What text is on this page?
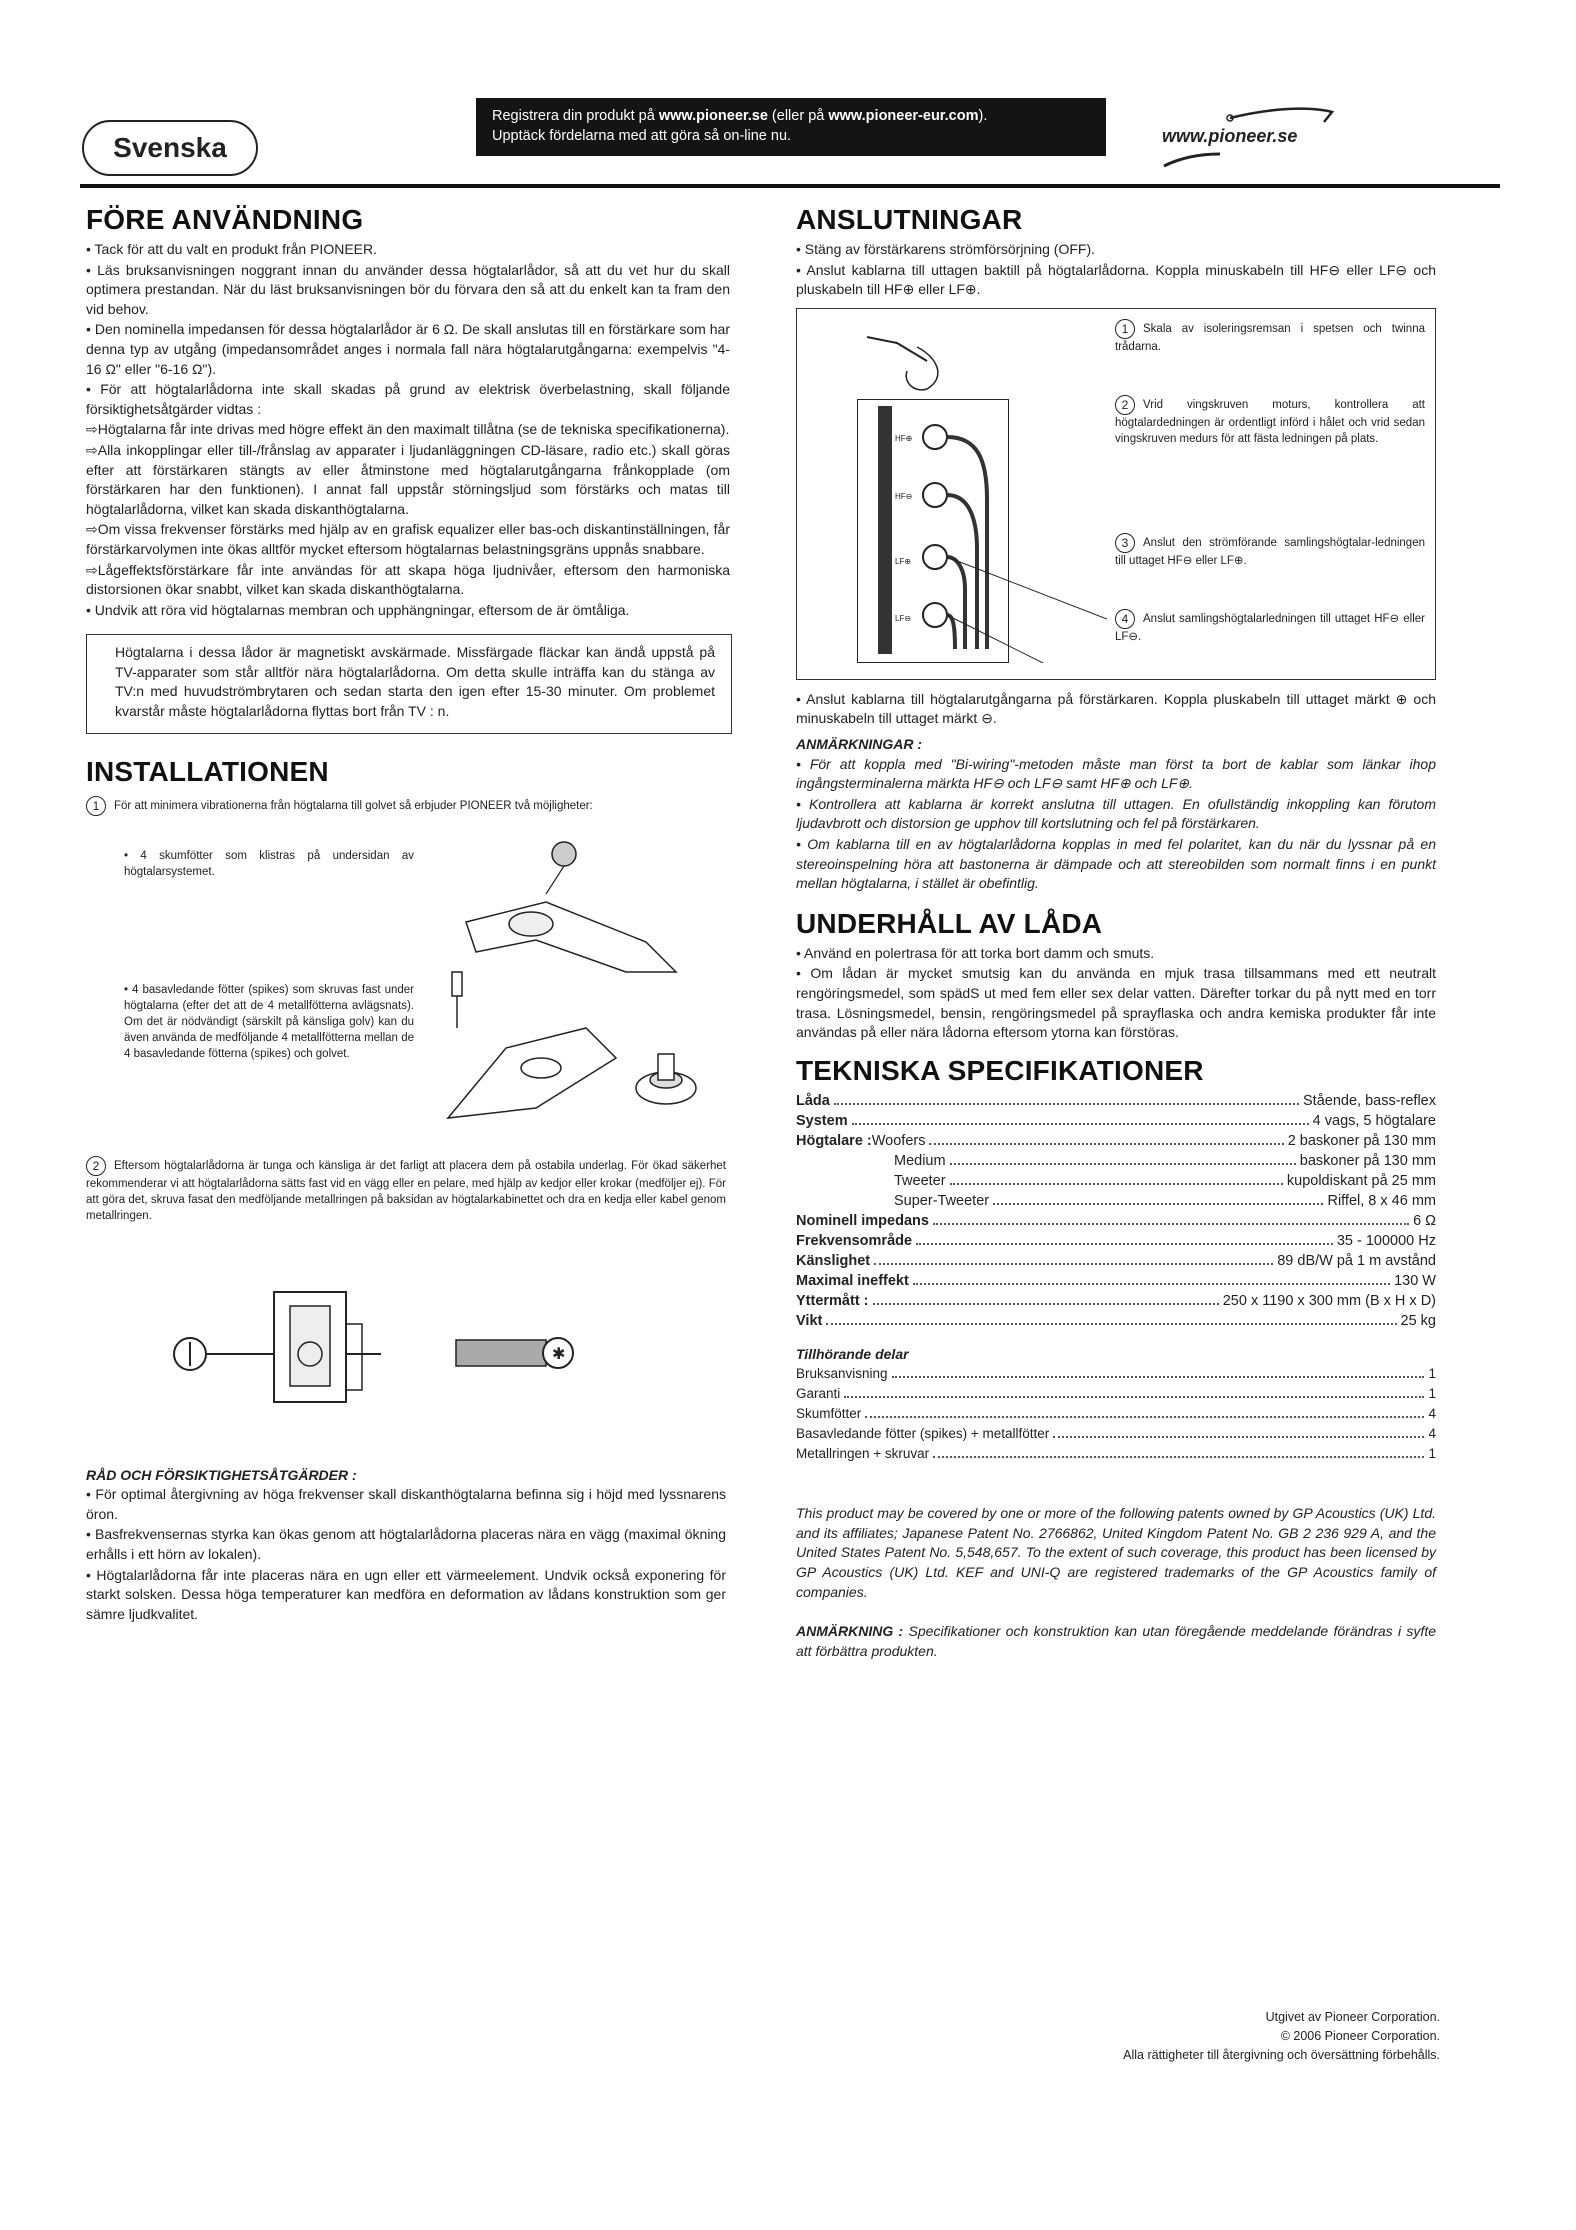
Svenska
Registrera din produkt på www.pioneer.se (eller på www.pioneer-eur.com).
Upptäck fördelarna med att göra så on-line nu.	www.pioneer.se
FÖRE ANVÄNDNING

• Tack för att du valt en produkt från PIONEER.

• Läs bruksanvisningen noggrant innan du använder dessa högtalarlådor, så att du vet hur du skall optimera prestandan. När du läst bruksanvisningen bör du förvara den så att du enkelt kan ta fram den vid behov.

• Den nominella impedansen för dessa högtalarlådor är 6 Ω. De skall anslutas till en förstärkare som har denna typ av utgång (impedansområdet anges i normala fall nära högtalarutgångarna: exempelvis "4-16 Ω" eller "6-16 Ω").

• För att högtalarlådorna inte skall skadas på grund av elektrisk överbelastning, skall följande försiktighetsåtgärder vidtas :

⇨Högtalarna får inte drivas med högre effekt än den maximalt tillåtna (se de tekniska specifikationerna).

⇨Alla inkopplingar eller till-/frånslag av apparater i ljudanläggningen CD-läsare, radio etc.) skall göras efter att förstärkaren stängts av eller åtminstone med högtalarutgångarna frånkopplade (om förstärkaren har den funktionen). I annat fall uppstår störningsljud som förstärks och matas till högtalarlådorna, vilket kan skada diskanthögtalarna.

⇨Om vissa frekvenser förstärks med hjälp av en grafisk equalizer eller bas-och diskantinställningen, får förstärkarvolymen inte ökas alltför mycket eftersom högtalarnas belastningsgräns uppnås snabbare.

⇨Lågeffektsförstärkare får inte användas för att skapa höga ljudnivåer, eftersom den harmoniska distorsionen ökar snabbt, vilket kan skada diskanthögtalarna.

• Undvik att röra vid högtalarnas membran och upphängningar, eftersom de är ömtåliga.

Högtalarna i dessa lådor är magnetiskt avskärmade. Missfärgade fläckar kan ändå uppstå på TV-apparater som står alltför nära högtalarlådorna. Om detta skulle inträffa kan du stänga av TV:n med huvudströmbrytaren och sedan starta den igen efter 15-30 minuter. Om problemet kvarstår måste högtalarlådorna flyttas bort från TV : n.

INSTALLATIONEN
1 För att minimera vibrationerna från högtalarna till golvet så erbjuder PIONEER två möjligheter:
• 4 skumfötter som klistras på undersidan av högtalarsystemet.
• 4 basavledande fötter (spikes) som skruvas fast under högtalarna (efter det att de 4 metallfötterna avlägsnats). Om det är nödvändigt (särskilt på känsliga golv) kan du även använda de medföljande 4 metallfötterna mellan de 4 basavledande fötterna (spikes) och golvet.
2 Eftersom högtalarlådorna är tunga och känsliga är det farligt att placera dem på ostabila underlag. För ökad säkerhet rekommenderar vi att högtalarlådorna sätts fast vid en vägg eller en pelare, med hjälp av kedjor eller krokar (medföljer ej). För att göra det, skruva fasat den medföljande metallringen på baksidan av högtalarkabinettet och dra en kedja eller kabel genom metallringen.
✱
RÅD OCH FÖRSIKTIGHETSÅTGÄRDER :

• För optimal återgivning av höga frekvenser skall diskanthögtalarna befinna sig i höjd med lyssnarens öron.

• Basfrekvensernas styrka kan ökas genom att högtalarlådorna placeras nära en vägg (maximal ökning erhålls i ett hörn av lokalen).

• Högtalarlådorna får inte placeras nära en ugn eller ett värmeelement. Undvik också exponering för starkt solsken. Dessa höga temperaturer kan medföra en deformation av lådans konstruktion som ger sämre ljudkvalitet.

ANSLUTNINGAR

• Stäng av förstärkarens strömförsörjning (OFF).

• Anslut kablarna till uttagen baktill på högtalarlådorna. Koppla minuskabeln till HF⊖ eller LF⊖ och pluskabeln till HF⊕ eller LF⊕.

HF⊕
HF⊖
LF⊕
LF⊖
1 Skala av isoleringsremsan i spetsen och twinna trådarna.
2 Vrid vingskruven moturs, kontrollera att högtalardedningen är ordentligt införd i hålet och vrid sedan vingskruven medurs för att fästa ledningen på plats.
3 Anslut den strömförande samlingshögtalar-ledningen till uttaget HF⊖ eller LF⊕.
4 Anslut samlingshögtalarledningen till uttaget HF⊖ eller LF⊖.

• Anslut kablarna till högtalarutgångarna på förstärkaren. Koppla pluskabeln till uttaget märkt ⊕ och minuskabeln till uttaget märkt ⊖.

ANMÄRKNINGAR :

• För att koppla med "Bi-wiring"-metoden måste man först ta bort de kablar som länkar ihop ingångsterminalerna märkta HF⊖ och LF⊖ samt HF⊕ och LF⊕.

• Kontrollera att kablarna är korrekt anslutna till uttagen. En ofullständig inkoppling kan förutom ljudavbrott och distorsion ge upphov till kortslutning och fel på förstärkaren.

• Om kablarna till en av högtalarlådorna kopplas in med fel polaritet, kan du när du lyssnar på en stereoinspelning höra att bastonerna är dämpade och att stereobilden som normalt finns i en punkt mellan högtalarna, i stället är obefintlig.

UNDERHÅLL AV LÅDA

• Använd en polertrasa för att torka bort damm och smuts.

• Om lådan är mycket smutsig kan du använda en mjuk trasa tillsammans med ett neutralt rengöringsmedel, som spädS ut med fem eller sex delar vatten. Därefter torkar du på nytt med en torr trasa. Lösningsmedel, bensin, rengöringsmedel på sprayflaska och andra kemiska produkter får inte användas på eller nära lådorna eftersom ytorna kan förstöras.

TEKNISKA SPECIFIKATIONER
Låda	Stående, bass-reflex
System	4 vags, 5 högtalare
Högtalare : Woofers	2 baskoner på 130 mm
Medium	baskoner på 130 mm
Tweeter	kupoldiskant på 25 mm
Super-Tweeter	Riffel, 8 x 46 mm
Nominell impedans	6 Ω
Frekvensområde	35 - 100000 Hz
Känslighet	89 dB/W på 1 m avstånd
Maximal ineffekt	130 W
Yttermått :	250 x 1190 x 300 mm (B x H x D)
Vikt	25 kg
Tillhörande delar
Bruksanvisning	1
Garanti	1
Skumfötter	4
Basavledande fötter (spikes) + metallfötter	4
Metallringen + skruvar	1

This product may be covered by one or more of the following patents owned by GP Acoustics (UK) Ltd. and its affiliates; Japanese Patent No. 2766862, United Kingdom Patent No. GB 2 236 929 A, and the United States Patent No. 5,548,657. To the extent of such coverage, this product has been licensed by GP Acoustics (UK) Ltd. KEF and UNI-Q are registered trademarks of the GP Acoustics family of companies.

ANMÄRKNING : Specifikationer och konstruktion kan utan föregående meddelande förändras i syfte att förbättra produkten.

Utgivet av Pioneer Corporation.
© 2006 Pioneer Corporation.
Alla rättigheter till återgivning och översättning förbehålls.
